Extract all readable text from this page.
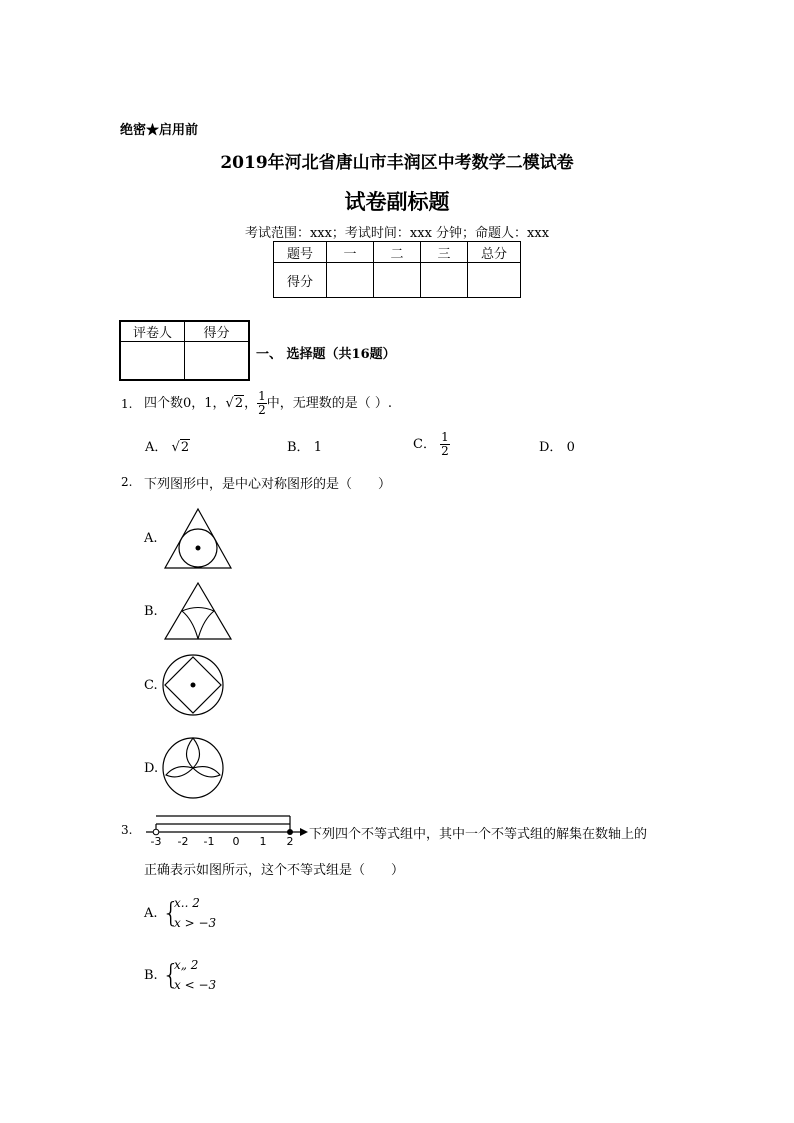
绝密★启用前
2019年河北省唐山市丰润区中考数学二模试卷
试卷副标题
考试范围：xxx；考试时间：xxx 分钟；命题人：xxx
题号	一	二	三	总分
得分				
评卷人	得分

一、 选择题（共16题）
1. 四个数0，1，√2， $\frac{1}{2}$ 中，无理数的是（ ）.
A． √2	B． 1	C． $\frac{1}{2}$	D． 0
2. 下列图形中，是中心对称图形的是（　　）
A.
B.
C.
D.
3.
-3 -2 -1 0 1 2 下列四个不等式组中，其中一个不等式组的解集在数轴上的
正确表示如图所示，这个不等式组是（　　）
A. {
x.. 2
x > −3
B. {
x„ 2
x < −3
